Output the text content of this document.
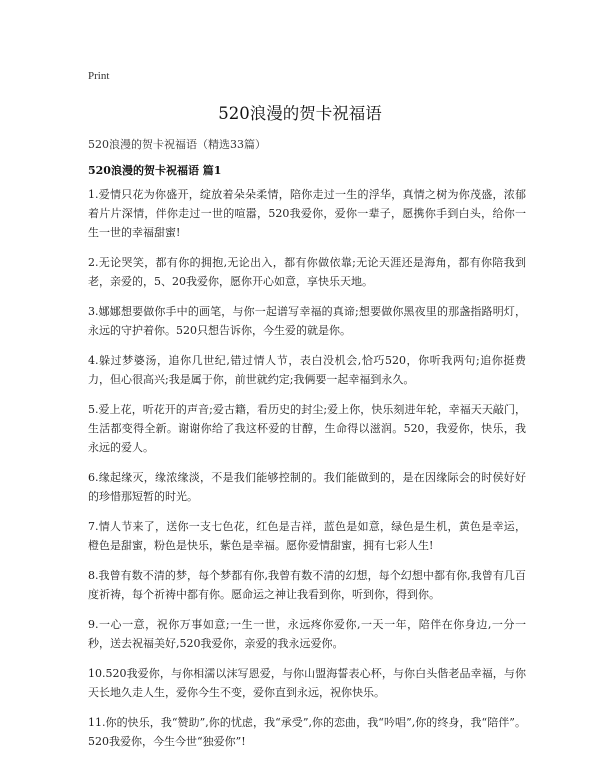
Print
520浪漫的贺卡祝福语
520浪漫的贺卡祝福语（精选33篇）
520浪漫的贺卡祝福语 篇1

1.爱情只花为你盛开，绽放着朵朵柔情，陪你走过一生的浮华，真情之树为你茂盛，浓郁着片片深情，伴你走过一世的喧嚣，520我爱你，爱你一辈子，愿携你手到白头，给你一生一世的幸福甜蜜!

2.无论哭笑，都有你的拥抱,无论出入，都有你做依靠;无论天涯还是海角，都有你陪我到老，亲爱的，5、20我爱你，愿你开心如意，享快乐天地。

3.娜娜想要做你手中的画笔，与你一起谱写幸福的真谛;想要做你黑夜里的那盏指路明灯，永远的守护着你。520只想告诉你，今生爱的就是你。

4.躲过梦婆汤，追你几世纪,错过情人节，表白没机会,恰巧520，你听我两句;追你挺费力，但心很高兴;我是属于你，前世就约定;我俩要一起幸福到永久。

5.爱上花，听花开的声音;爱古籍，看历史的封尘;爱上你，快乐刻进年轮，幸福天天敲门，生活都变得全新。谢谢你给了我这杯爱的甘醇，生命得以滋润。520，我爱你，快乐，我永远的爱人。

6.缘起缘灭，缘浓缘淡，不是我们能够控制的。我们能做到的，是在因缘际会的时侯好好的珍惜那短暂的时光。

7.情人节来了，送你一支七色花，红色是吉祥，蓝色是如意，绿色是生机，黄色是幸运，橙色是甜蜜，粉色是快乐，紫色是幸福。愿你爱情甜蜜，拥有七彩人生!

8.我曾有数不清的梦，每个梦都有你,我曾有数不清的幻想，每个幻想中都有你,我曾有几百度祈祷，每个祈祷中都有你。愿命运之神让我看到你，听到你，得到你。

9.一心一意，祝你万事如意;一生一世，永远疼你爱你,一天一年，陪伴在你身边,一分一秒，送去祝福美好,520我爱你，亲爱的我永远爱你。

10.520我爱你，与你相濡以沫写恩爱，与你山盟海誓表心杯，与你白头偕老品幸福，与你天长地久走人生，爱你今生不变，爱你直到永远，祝你快乐。

11.你的快乐，我“赞助”,你的忧虑，我“承受”,你的恋曲，我“吟唱”,你的终身，我“陪伴”。520我爱你，今生今世“独爱你”!
